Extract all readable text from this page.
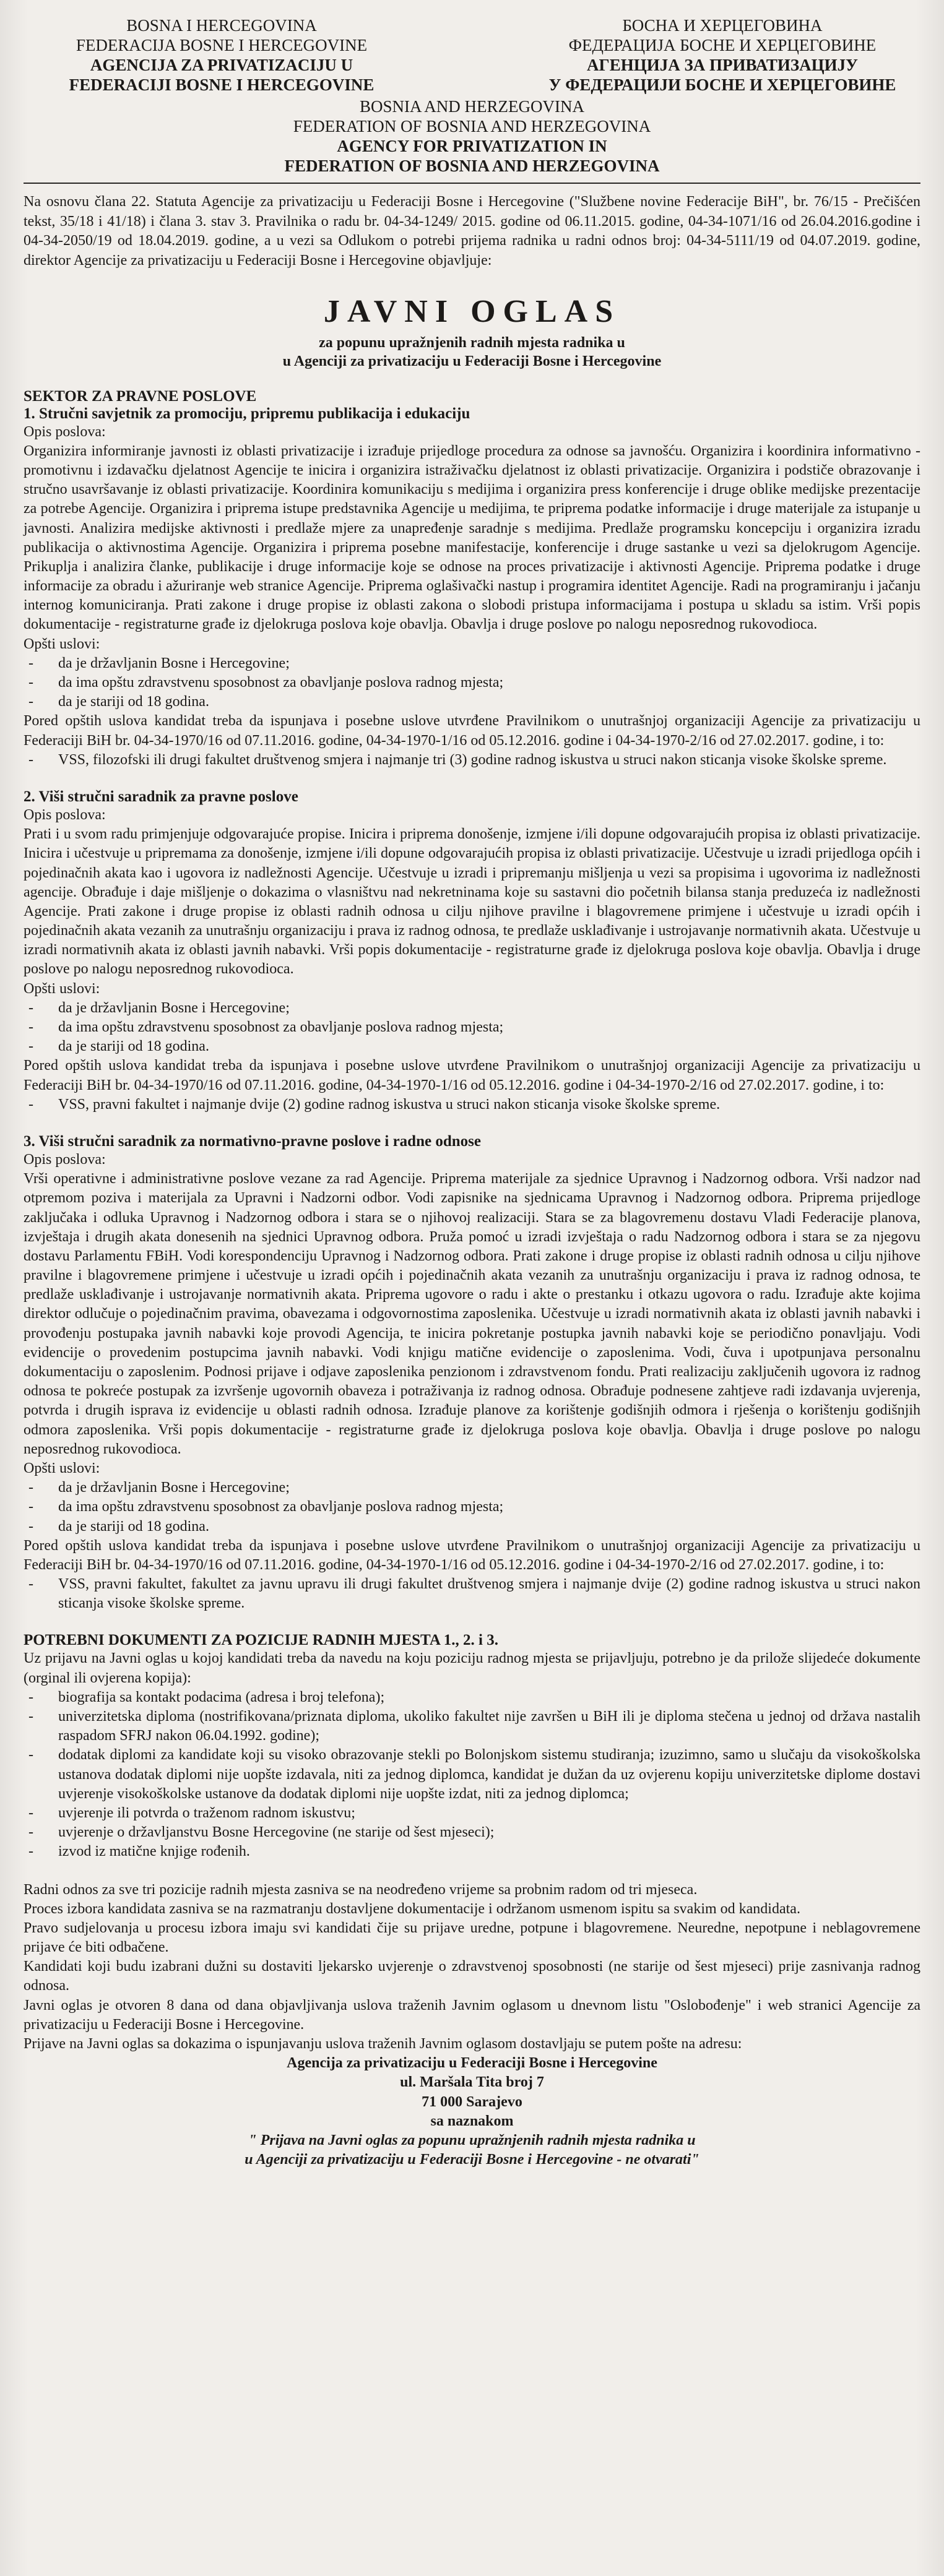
BOSNA I HERCEGOVINA
FEDERACIJA BOSNE I HERCEGOVINE
AGENCIJA ZA PRIVATIZACIJU U
FEDERACIJI BOSNE I HERCEGOVINE
БОСНА И ХЕРЦЕГОВИНА
ФЕДЕРАЦИЈА БОСНЕ И ХЕРЦЕГОВИНЕ
АГЕНЦИЈА ЗА ПРИВАТИЗАЦИЈУ
У ФЕДЕРАЦИЈИ БОСНЕ И ХЕРЦЕГОВИНЕ
BOSNIA AND HERZEGOVINA
FEDERATION OF BOSNIA AND HERZEGOVINA
AGENCY FOR PRIVATIZATION IN
FEDERATION OF BOSNIA AND HERZEGOVINA
Na osnovu člana 22. Statuta Agencije za privatizaciju u Federaciji Bosne i Hercegovine ("Službene novine Federacije BiH", br. 76/15 - Prečišćen tekst, 35/18 i 41/18) i člana 3. stav 3. Pravilnika o radu br. 04-34-1249/ 2015. godine od 06.11.2015. godine, 04-34-1071/16 od 26.04.2016.godine i 04-34-2050/19 od 18.04.2019. godine, a u vezi sa Odlukom o potrebi prijema radnika u radni odnos broj: 04-34-5111/19 od 04.07.2019. godine, direktor Agencije za privatizaciju u Federaciji Bosne i Hercegovine objavljuje:
JAVNI OGLAS
za popunu upražnjenih radnih mjesta radnika u
u Agenciji za privatizaciju u Federaciji Bosne i Hercegovine
SEKTOR ZA PRAVNE POSLOVE
1. Stručni savjetnik za promociju, pripremu publikacija i edukaciju
Opis poslova:
Organizira informiranje javnosti iz oblasti privatizacije i izrađuje prijedloge procedura za odnose sa javnošću. Organizira i koordinira informativno - promotivnu i izdavačku djelatnost Agencije te inicira i organizira istraživačku djelatnost iz oblasti privatizacije. Organizira i podstiče obrazovanje i stručno usavršavanje iz oblasti privatizacije. Koordinira komunikaciju s medijima i organizira press konferencije i druge oblike medijske prezentacije za potrebe Agencije. Organizira i priprema istupe predstavnika Agencije u medijima, te priprema podatke informacije i druge materijale za istupanje u javnosti. Analizira medijske aktivnosti i predlaže mjere za unapređenje saradnje s medijima. Predlaže programsku koncepciju i organizira izradu publikacija o aktivnostima Agencije. Organizira i priprema posebne manifestacije, konferencije i druge sastanke u vezi sa djelokrugom Agencije. Prikuplja i analizira članke, publikacije i druge informacije koje se odnose na proces privatizacije i aktivnosti Agencije. Priprema podatke i druge informacije za obradu i ažuriranje web stranice Agencije. Priprema oglašivački nastup i programira identitet Agencije. Radi na programiranju i jačanju internog komuniciranja. Prati zakone i druge propise iz oblasti zakona o slobodi pristupa informacijama i postupa u skladu sa istim. Vrši popis dokumentacije - registraturne građe iz djelokruga poslova koje obavlja. Obavlja i druge poslove po nalogu neposrednog rukovodioca.
Opšti uslovi:
- da je državljanin Bosne i Hercegovine;
- da ima opštu zdravstvenu sposobnost za obavljanje poslova radnog mjesta;
- da je stariji od 18 godina.
Pored opštih uslova kandidat treba da ispunjava i posebne uslove utvrđene Pravilnikom o unutrašnjoj organizaciji Agencije za privatizaciju u Federaciji BiH br. 04-34-1970/16 od 07.11.2016. godine, 04-34-1970-1/16 od 05.12.2016. godine i 04-34-1970-2/16 od 27.02.2017. godine, i to:
- VSS, filozofski ili drugi fakultet društvenog smjera i najmanje tri (3) godine radnog iskustva u struci nakon sticanja visoke školske spreme.
2. Viši stručni saradnik za pravne poslove
Opis poslova:
Prati i u svom radu primjenjuje odgovarajuće propise. Inicira i priprema donošenje, izmjene i/ili dopune odgovarajućih propisa iz oblasti privatizacije. Inicira i učestvuje u pripremama za donošenje, izmjene i/ili dopune odgovarajućih propisa iz oblasti privatizacije. Učestvuje u izradi prijedloga općih i pojedinačnih akata kao i ugovora iz nadležnosti Agencije. Učestvuje u izradi i pripremanju mišljenja u vezi sa propisima i ugovorima iz nadležnosti agencije. Obrađuje i daje mišljenje o dokazima o vlasništvu nad nekretninama koje su sastavni dio početnih bilansa stanja preduzeća iz nadležnosti Agencije. Prati zakone i druge propise iz oblasti radnih odnosa u cilju njihove pravilne i blagovremene primjene i učestvuje u izradi općih i pojedinačnih akata vezanih za unutrašnju organizaciju i prava iz radnog odnosa, te predlaže usklađivanje i ustrojavanje normativnih akata. Učestvuje u izradi normativnih akata iz oblasti javnih nabavki. Vrši popis dokumentacije - registraturne građe iz djelokruga poslova koje obavlja. Obavlja i druge poslove po nalogu neposrednog rukovodioca.
Opšti uslovi:
- da je državljanin Bosne i Hercegovine;
- da ima opštu zdravstvenu sposobnost za obavljanje poslova radnog mjesta;
- da je stariji od 18 godina.
Pored opštih uslova kandidat treba da ispunjava i posebne uslove utvrđene Pravilnikom o unutrašnjoj organizaciji Agencije za privatizaciju u Federaciji BiH br. 04-34-1970/16 od 07.11.2016. godine, 04-34-1970-1/16 od 05.12.2016. godine i 04-34-1970-2/16 od 27.02.2017. godine, i to:
- VSS, pravni fakultet i najmanje dvije (2) godine radnog iskustva u struci nakon sticanja visoke školske spreme.
3. Viši stručni saradnik za normativno-pravne poslove i radne odnose
Opis poslova:
Vrši operativne i administrativne poslove vezane za rad Agencije. Priprema materijale za sjednice Upravnog i Nadzornog odbora. Vrši nadzor nad otpremom poziva i materijala za Upravni i Nadzorni odbor. Vodi zapisnike na sjednicama Upravnog i Nadzornog odbora. Priprema prijedloge zaključaka i odluka Upravnog i Nadzornog odbora i stara se o njihovoj realizaciji. Stara se za blagovremenu dostavu Vladi Federacije planova, izvještaja i drugih akata donesenih na sjednici Upravnog odbora. Pruža pomoć u izradi izvještaja o radu Nadzornog odbora i stara se za njegovu dostavu Parlamentu FBiH. Vodi korespondenciju Upravnog i Nadzornog odbora. Prati zakone i druge propise iz oblasti radnih odnosa u cilju njihove pravilne i blagovremene primjene i učestvuje u izradi općih i pojedinačnih akata vezanih za unutrašnju organizaciju i prava iz radnog odnosa, te predlaže usklađivanje i ustrojavanje normativnih akata. Priprema ugovore o radu i akte o prestanku i otkazu ugovora o radu. Izrađuje akte kojima direktor odlučuje o pojedinačnim pravima, obavezama i odgovornostima zaposlenika. Učestvuje u izradi normativnih akata iz oblasti javnih nabavki i provođenju postupaka javnih nabavki koje provodi Agencija, te inicira pokretanje postupka javnih nabavki koje se periodično ponavljaju. Vodi evidencije o provedenim postupcima javnih nabavki. Vodi knjigu matične evidencije o zaposlenima. Vodi, čuva i upotpunjava personalnu dokumentaciju o zaposlenim. Podnosi prijave i odjave zaposlenika penzionom i zdravstvenom fondu. Prati realizaciju zaključenih ugovora iz radnog odnosa te pokreće postupak za izvršenje ugovornih obaveza i potraživanja iz radnog odnosa. Obrađuje podnesene zahtjeve radi izdavanja uvjerenja, potvrda i drugih isprava iz evidencije u oblasti radnih odnosa. Izrađuje planove za korištenje godišnjih odmora i rješenja o korištenju godišnjih odmora zaposlenika. Vrši popis dokumentacije - registraturne građe iz djelokruga poslova koje obavlja. Obavlja i druge poslove po nalogu neposrednog rukovodioca.
Opšti uslovi:
- da je državljanin Bosne i Hercegovine;
- da ima opštu zdravstvenu sposobnost za obavljanje poslova radnog mjesta;
- da je stariji od 18 godina.
Pored opštih uslova kandidat treba da ispunjava i posebne uslove utvrđene Pravilnikom o unutrašnjoj organizaciji Agencije za privatizaciju u Federaciji BiH br. 04-34-1970/16 od 07.11.2016. godine, 04-34-1970-1/16 od 05.12.2016. godine i 04-34-1970-2/16 od 27.02.2017. godine, i to:
- VSS, pravni fakultet, fakultet za javnu upravu ili drugi fakultet društvenog smjera i najmanje dvije (2) godine radnog iskustva u struci nakon sticanja visoke školske spreme.
POTREBNI DOKUMENTI ZA POZICIJE RADNIH MJESTA 1., 2. i 3.
Uz prijavu na Javni oglas u kojoj kandidati treba da navedu na koju poziciju radnog mjesta se prijavljuju, potrebno je da prilože slijedeće dokumente (orginal ili ovjerena kopija):
- biografija sa kontakt podacima (adresa i broj telefona);
- univerzitetska diploma (nostrifikovana/priznata diploma, ukoliko fakultet nije završen u BiH ili je diploma stečena u jednoj od država nastalih raspadom SFRJ nakon 06.04.1992. godine);
- dodatak diplomi za kandidate koji su visoko obrazovanje stekli po Bolonjskom sistemu studiranja; izuzimno, samo u slučaju da visokoškolska ustanova dodatak diplomi nije uopšte izdavala, niti za jednog diplomca, kandidat je dužan da uz ovjerenu kopiju univerzitetske diplome dostavi uvjerenje visokoškolske ustanove da dodatak diplomi nije uopšte izdat, niti za jednog diplomca;
- uvjerenje ili potvrda o traženom radnom iskustvu;
- uvjerenje o državljanstvu Bosne Hercegovine (ne starije od šest mjeseci);
- izvod iz matične knjige rođenih.
Radni odnos za sve tri pozicije radnih mjesta zasniva se na neodređeno vrijeme sa probnim radom od tri mjeseca.
Proces izbora kandidata zasniva se na razmatranju dostavljene dokumentacije i održanom usmenom ispitu sa svakim od kandidata.
Pravo sudjelovanja u procesu izbora imaju svi kandidati čije su prijave uredne, potpune i blagovremene. Neuredne, nepotpune i neblagovremene prijave će biti odbačene.
Kandidati koji budu izabrani dužni su dostaviti ljekarsko uvjerenje o zdravstvenoj sposobnosti (ne starije od šest mjeseci) prije zasnivanja radnog odnosa.
Javni oglas je otvoren 8 dana od dana objavljivanja uslova traženih Javnim oglasom u dnevnom listu "Oslobođenje" i web stranici Agencije za privatizaciju u Federaciji Bosne i Hercegovine.
Prijave na Javni oglas sa dokazima o ispunjavanju uslova traženih Javnim oglasom dostavljaju se putem pošte na adresu:
Agencija za privatizaciju u Federaciji Bosne i Hercegovine
ul. Maršala Tita broj 7
71 000 Sarajevo
sa naznakom
" Prijava na Javni oglas za popunu upražnjenih radnih mjesta radnika u
u Agenciji za privatizaciju u Federaciji Bosne i Hercegovine - ne otvarati"
